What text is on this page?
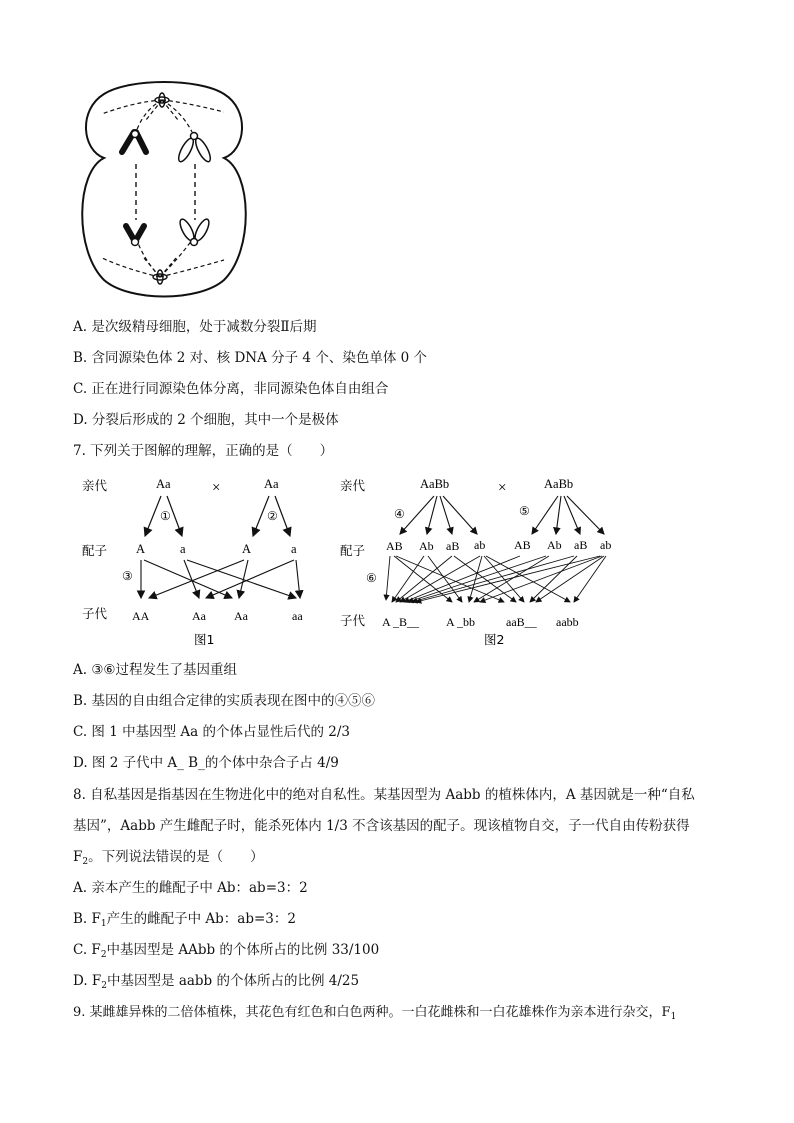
A. 是次级精母细胞，处于减数分裂Ⅱ后期
B. 含同源染色体 2 对、核 DNA 分子 4 个、染色单体 0 个
C. 正在进行同源染色体分离，非同源染色体自由组合
D. 分裂后形成的 2 个细胞，其中一个是极体
7. 下列关于图解的理解，正确的是（　　）
亲代
配子
子代
Aa	×	Aa
①	②
A	a	A	a
③
AA	Aa Aa	aa
图1
亲代
配子
子代
AaBb	×	AaBb
④	⑤
AB Ab aB ab AB Ab aB ab
⑥
A _B__ A _bb	aaB__ aabb
图2
A. ③⑥过程发生了基因重组
B. 基因的自由组合定律的实质表现在图中的④⑤⑥
C. 图 1 中基因型 Aa 的个体占显性后代的 2/3
D. 图 2 子代中 A_ B_的个体中杂合子占 4/9
8. 自私基因是指基因在生物进化中的绝对自私性。某基因型为 Aabb 的植株体内，A 基因就是一种“自私
基因”，Aabb 产生雌配子时，能杀死体内 1/3 不含该基因的配子。现该植物自交，子一代自由传粉获得
$F_2$。下列说法错误的是（　　）
A. 亲本产生的雌配子中 Ab：ab=3：2
B. $F_1$产生的雌配子中 Ab：ab=3：2
C. $F_2$中基因型是 AAbb 的个体所占的比例 33/100
D. $F_2$中基因型是 aabb 的个体所占的比例 4/25
9. 某雌雄异株的二倍体植株，其花色有红色和白色两种。一白花雌株和一白花雄株作为亲本进行杂交，$F_1$
